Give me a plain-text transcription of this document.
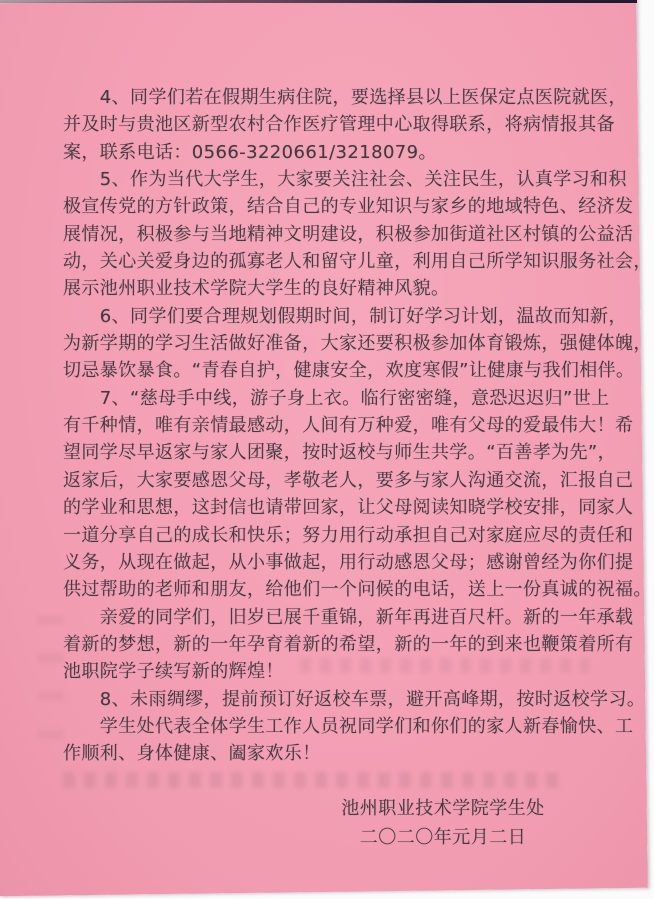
　　4、同学们若在假期生病住院，要选择县以上医保定点医院就医，
并及时与贵池区新型农村合作医疗管理中心取得联系，将病情报其备
案，联系电话：0566-3220661/3218079。
　　5、作为当代大学生，大家要关注社会、关注民生，认真学习和积
极宣传党的方针政策，结合自己的专业知识与家乡的地域特色、经济发
展情况，积极参与当地精神文明建设，积极参加街道社区村镇的公益活
动，关心关爱身边的孤寡老人和留守儿童，利用自己所学知识服务社会，
展示池州职业技术学院大学生的良好精神风貌。
　　6、同学们要合理规划假期时间，制订好学习计划，温故而知新，
为新学期的学习生活做好准备，大家还要积极参加体育锻炼，强健体魄，
切忌暴饮暴食。“青春自护，健康安全，欢度寒假”让健康与我们相伴。
　　7、“慈母手中线，游子身上衣。临行密密缝，意恐迟迟归”世上
有千种情，唯有亲情最感动，人间有万种爱，唯有父母的爱最伟大！希
望同学尽早返家与家人团聚，按时返校与师生共学。“百善孝为先”，
返家后，大家要感恩父母，孝敬老人，要多与家人沟通交流，汇报自己
的学业和思想，这封信也请带回家，让父母阅读知晓学校安排，同家人
一道分享自己的成长和快乐；努力用行动承担自己对家庭应尽的责任和
义务，从现在做起，从小事做起，用行动感恩父母；感谢曾经为你们提
供过帮助的老师和朋友，给他们一个问候的电话，送上一份真诚的祝福。
　　亲爱的同学们，旧岁已展千重锦，新年再进百尺杆。新的一年承载
着新的梦想，新的一年孕育着新的希望，新的一年的到来也鞭策着所有
池职院学子续写新的辉煌！
　　8、未雨绸缪，提前预订好返校车票，避开高峰期，按时返校学习。
　　学生处代表全体学生工作人员祝同学们和你们的家人新春愉快、工
作顺利、身体健康、阖家欢乐！
池州职业技术学院学生处
二〇二〇年元月二日
